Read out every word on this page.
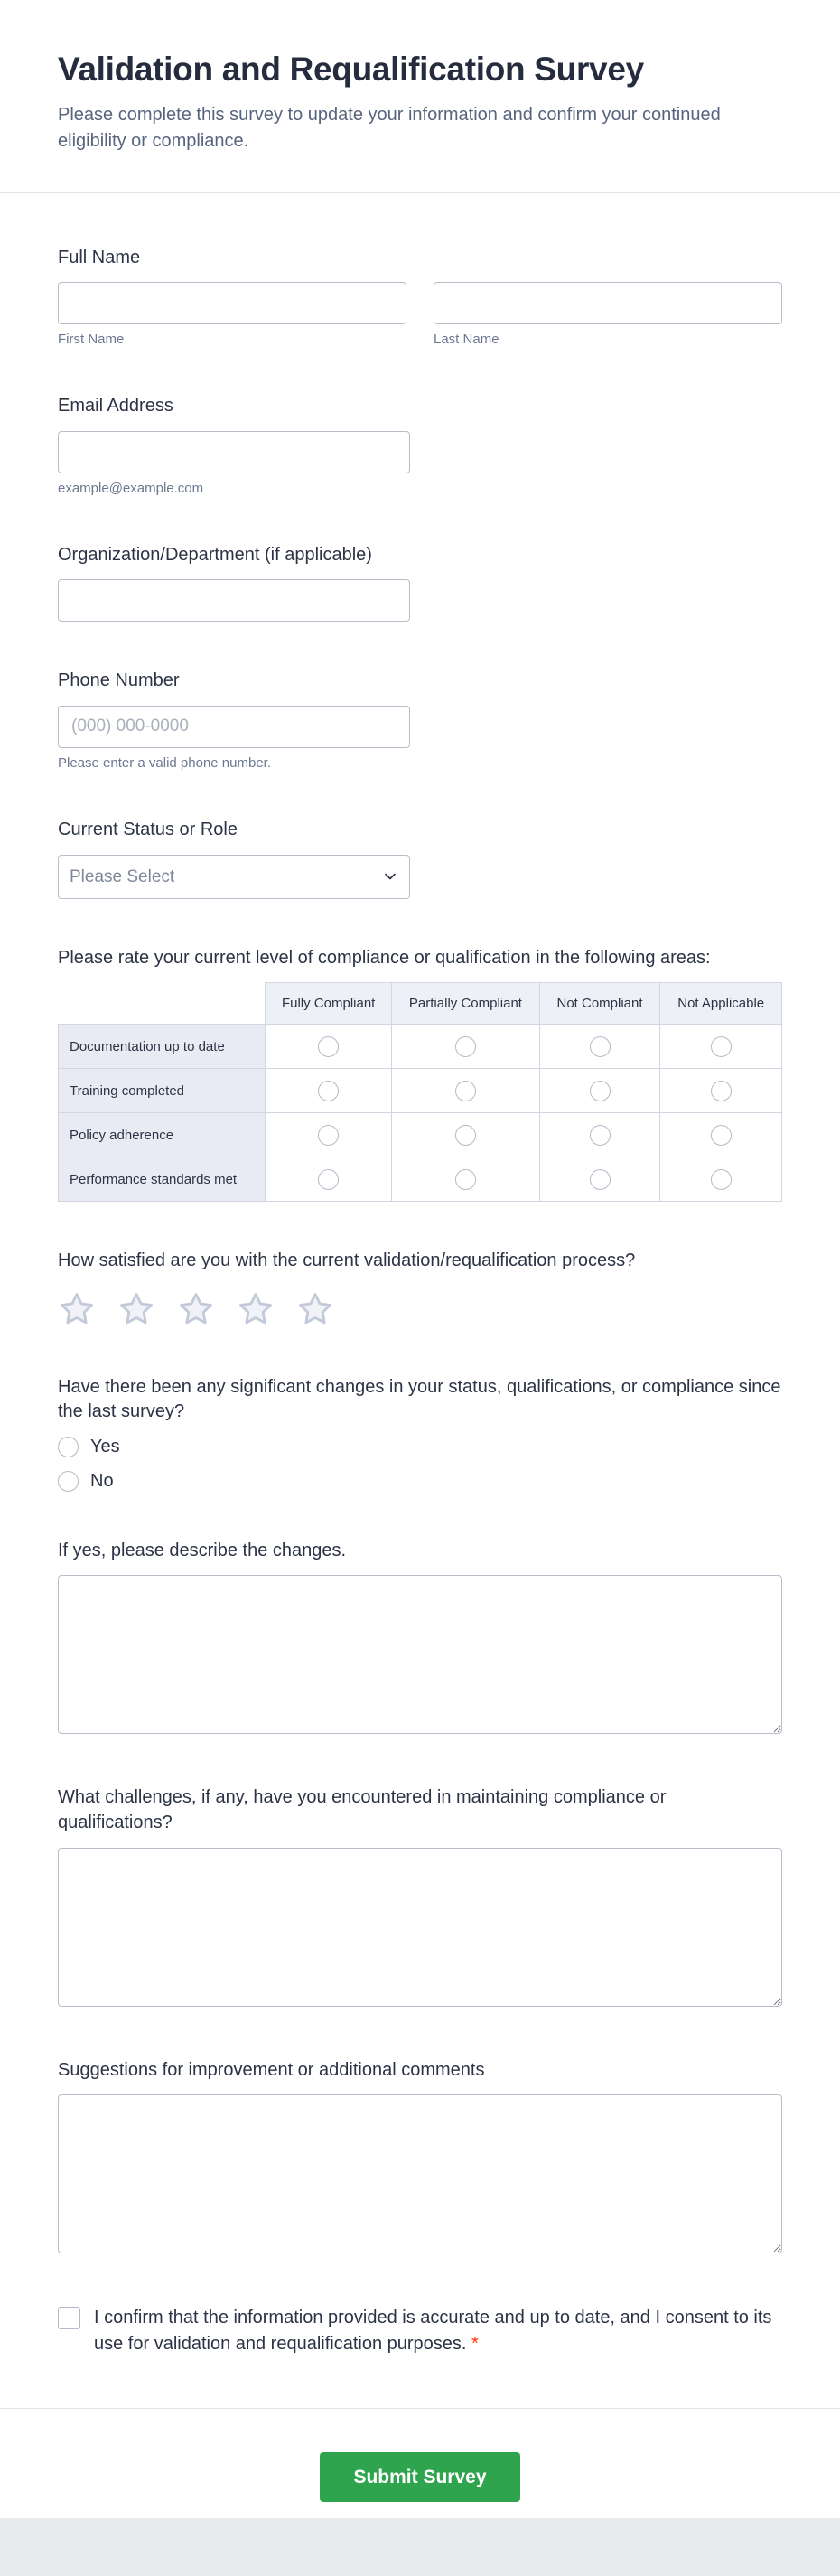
Validation and Requalification Survey
Please complete this survey to update your information and confirm your continued eligibility or compliance.
Full Name
First Name	Last Name
Email Address
example@example.com
Organization/Department (if applicable)
Phone Number
(000) 000-0000
Please enter a valid phone number.
Current Status or Role
Please Select
Please rate your current level of compliance or qualification in the following areas:
	Fully Compliant	Partially Compliant	Not Compliant	Not Applicable
Documentation up to date				
Training completed				
Policy adherence				
Performance standards met				
How satisfied are you with the current validation/requalification process?
Have there been any significant changes in your status, qualifications, or compliance since the last survey?
Yes
No
If yes, please describe the changes.
What challenges, if any, have you encountered in maintaining compliance or qualifications?
Suggestions for improvement or additional comments
I confirm that the information provided is accurate and up to date, and I consent to its use for validation and requalification purposes. *
Submit Survey
